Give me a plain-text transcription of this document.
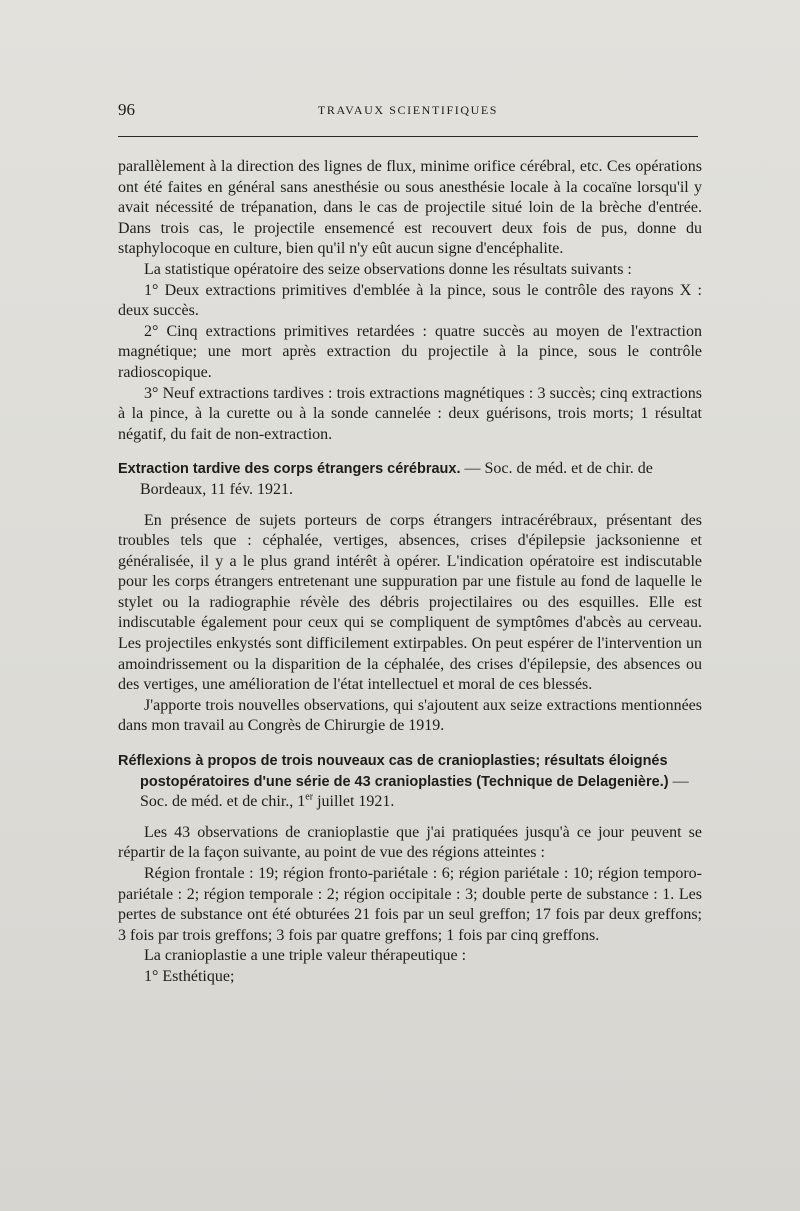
96	TRAVAUX SCIENTIFIQUES

parallèlement à la direction des lignes de flux, minime orifice cérébral, etc. Ces opérations ont été faites en général sans anesthésie ou sous anesthésie locale à la cocaïne lorsqu'il y avait nécessité de trépanation, dans le cas de projectile situé loin de la brèche d'entrée. Dans trois cas, le projectile ensemencé est recouvert deux fois de pus, donne du staphylocoque en culture, bien qu'il n'y eût aucun signe d'encéphalite.

La statistique opératoire des seize observations donne les résultats suivants :

1° Deux extractions primitives d'emblée à la pince, sous le contrôle des rayons X : deux succès.

2° Cinq extractions primitives retardées : quatre succès au moyen de l'extraction magnétique; une mort après extraction du projectile à la pince, sous le contrôle radioscopique.

3° Neuf extractions tardives : trois extractions magnétiques : 3 succès; cinq extractions à la pince, à la curette ou à la sonde cannelée : deux guérisons, trois morts; 1 résultat négatif, du fait de non-extraction.

Extraction tardive des corps étrangers cérébraux. — Soc. de méd. et de chir. de Bordeaux, 11 fév. 1921.

En présence de sujets porteurs de corps étrangers intracérébraux, présentant des troubles tels que : céphalée, vertiges, absences, crises d'épilepsie jacksonienne et généralisée, il y a le plus grand intérêt à opérer. L'indication opératoire est indiscutable pour les corps étrangers entretenant une suppuration par une fistule au fond de laquelle le stylet ou la radiographie révèle des débris projectilaires ou des esquilles. Elle est indiscutable également pour ceux qui se compliquent de symptômes d'abcès au cerveau. Les projectiles enkystés sont difficilement extirpables. On peut espérer de l'intervention un amoindrissement ou la disparition de la céphalée, des crises d'épilepsie, des absences ou des vertiges, une amélioration de l'état intellectuel et moral de ces blessés.

J'apporte trois nouvelles observations, qui s'ajoutent aux seize extractions mentionnées dans mon travail au Congrès de Chirurgie de 1919.

Réflexions à propos de trois nouveaux cas de cranioplasties; résultats éloignés postopératoires d'une série de 43 cranioplasties (Technique de Delagenière.) — Soc. de méd. et de chir., 1er juillet 1921.

Les 43 observations de cranioplastie que j'ai pratiquées jusqu'à ce jour peuvent se répartir de la façon suivante, au point de vue des régions atteintes :

Région frontale : 19; région fronto-pariétale : 6; région pariétale : 10; région temporo-pariétale : 2; région temporale : 2; région occipitale : 3; double perte de substance : 1. Les pertes de substance ont été obturées 21 fois par un seul greffon; 17 fois par deux greffons; 3 fois par trois greffons; 3 fois par quatre greffons; 1 fois par cinq greffons.

La cranioplastie a une triple valeur thérapeutique :

1° Esthétique;
